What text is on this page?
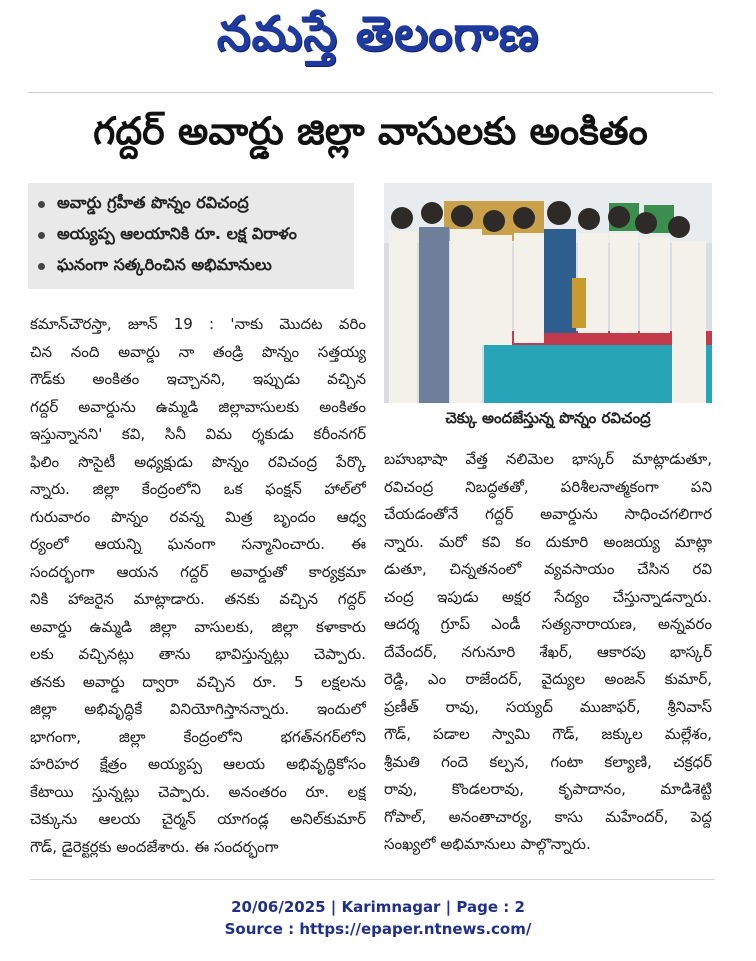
నమస్తే తెలంగాణ
గద్దర్ అవార్డు జిల్లా వాసులకు అంకితం
అవార్డు గ్రహీత పొన్నం రవిచంద్ర
అయ్యప్ప ఆలయానికి రూ. లక్ష విరాళం
ఘనంగా సత్కరించిన అభిమానులు
చెక్కు అందజేస్తున్న పొన్నం రవిచంద్ర
కమాన్‌చౌరస్తా, జూన్ 19 : 'నాకు మొదట వరిం
చిన నంది అవార్డు నా తండ్రి పొన్నం సత్తయ్య
గౌడ్‌కు అంకితం ఇచ్చానని, ఇప్పుడు వచ్చిన
గద్దర్ అవార్డును ఉమ్మడి జిల్లావాసులకు అంకితం
ఇస్తున్నానని' కవి, సినీ విమ ర్శకుడు కరీంనగర్
ఫిలిం సొసైటీ అధ్యక్షుడు పొన్నం రవిచంద్ర పేర్కొ
న్నారు. జిల్లా కేంద్రంలోని ఒక ఫంక్షన్ హాల్‌లో
గురువారం పొన్నం రవన్న మిత్ర బృందం ఆధ్వ
ర్యంలో ఆయన్ని ఘనంగా సన్మానించారు. ఈ
సందర్భంగా ఆయన గద్దర్ అవార్డుతో కార్యక్రమా
నికి హాజరైన మాట్లాడారు. తనకు వచ్చిన గద్దర్
అవార్డు ఉమ్మడి జిల్లా వాసులకు, జిల్లా కళాకారు
లకు వచ్చినట్లు తాను భావిస్తున్నట్లు చెప్పారు.
తనకు అవార్డు ద్వారా వచ్చిన రూ. 5 లక్షలను
జిల్లా అభివృద్ధికే వినియోగిస్తానన్నారు. ఇందులో
భాగంగా, జిల్లా కేంద్రంలోని భగత్‌నగర్‌లోని
హరిహర క్షేత్రం అయ్యప్ప ఆలయ అభివృద్ధికోసం
కేటాయి స్తున్నట్లు చెప్పారు. అనంతరం రూ. లక్ష
చెక్కును ఆలయ చైర్మన్ యాగండ్ల అనిల్‌కుమార్
గౌడ్, డైరెక్టర్లకు అందజేశారు. ఈ సందర్భంగా
బహుభాషా వేత్త నలిమెల భాస్కర్ మాట్లాడుతూ,
రవిచంద్ర నిబద్ధతతో, పరిశీలనాత్మకంగా పని
చేయడంతోనే గద్దర్ అవార్డును సాధించగలిగార
న్నారు. మరో కవి కం దుకూరి అంజయ్య మాట్లా
డుతూ, చిన్నతనంలో వ్యవసాయం చేసిన రవి
చంద్ర ఇపుడు అక్షర సేద్యం చేస్తున్నాడన్నారు.
ఆదర్శ గ్రూప్ ఎండీ సత్యనారాయణ, అన్నవరం
దేవేందర్, నగునూరి శేఖర్, ఆకారపు భాస్కర్
రెడ్డి, ఎం రాజేందర్, వైద్యుల అంజన్ కుమార్,
ప్రణీత్ రావు, సయ్యద్ ముజాఫర్, శ్రీనివాస్
గౌడ్, పడాల స్వామి గౌడ్, జక్కుల మల్లేశం,
శ్రీమతి గందె కల్పన, గంటా కల్యాణి, చక్రధర్
రావు, కొండలరావు, కృపాదానం, మాడిశెట్టి
గోపాల్, అనంతాచార్య, కాసు మహేందర్, పెద్ద
సంఖ్యలో అభిమానులు పాల్గొన్నారు.
20/06/2025 | Karimnagar | Page : 2
Source : https://epaper.ntnews.com/
